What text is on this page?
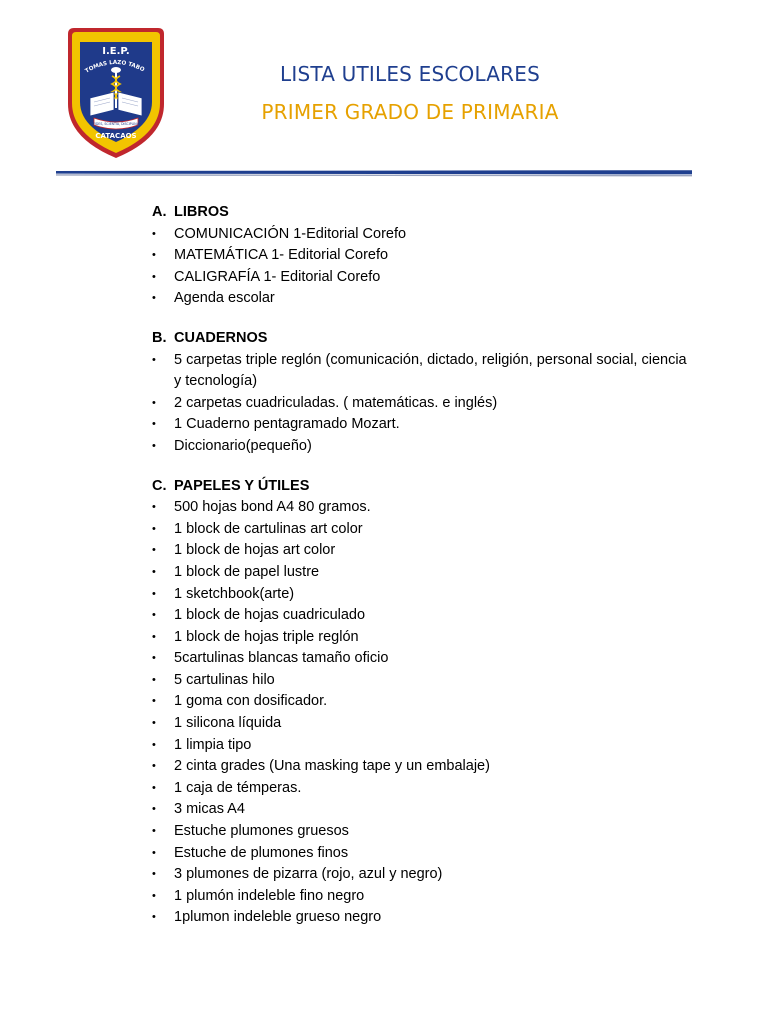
I.E.P.
TOMAS LAZO TABO
FIDES, SCIENTIA, DISCIPLINA
CATACAOS
LISTA UTILES ESCOLARES
PRIMER GRADO DE PRIMARIA
A. LIBROS
•	COMUNICACIÓN 1-Editorial Corefo
•	MATEMÁTICA 1- Editorial Corefo
•	CALIGRAFÍA 1- Editorial Corefo
•	Agenda escolar
B. CUADERNOS
•	5 carpetas triple reglón (comunicación, dictado, religión, personal social, ciencia y tecnología)
•	2 carpetas cuadriculadas. ( matemáticas. e inglés)
•	1 Cuaderno pentagramado Mozart.
•	Diccionario(pequeño)
C. PAPELES Y ÚTILES
•	500 hojas bond A4 80 gramos.
•	1 block de cartulinas art color
•	1 block de hojas art color
•	1 block de papel lustre
•	1 sketchbook(arte)
•	1 block de hojas cuadriculado
•	1 block de hojas triple reglón
•	5cartulinas blancas tamaño oficio
•	5 cartulinas hilo
•	1 goma con dosificador.
•	1 silicona líquida
•	1 limpia tipo
•	2 cinta grades (Una masking tape y un embalaje)
•	1 caja de témperas.
•	3 micas A4
•	Estuche plumones gruesos
•	Estuche de plumones finos
•	3 plumones de pizarra (rojo, azul y negro)
•	1 plumón indeleble fino negro
•	1plumon indeleble grueso negro
